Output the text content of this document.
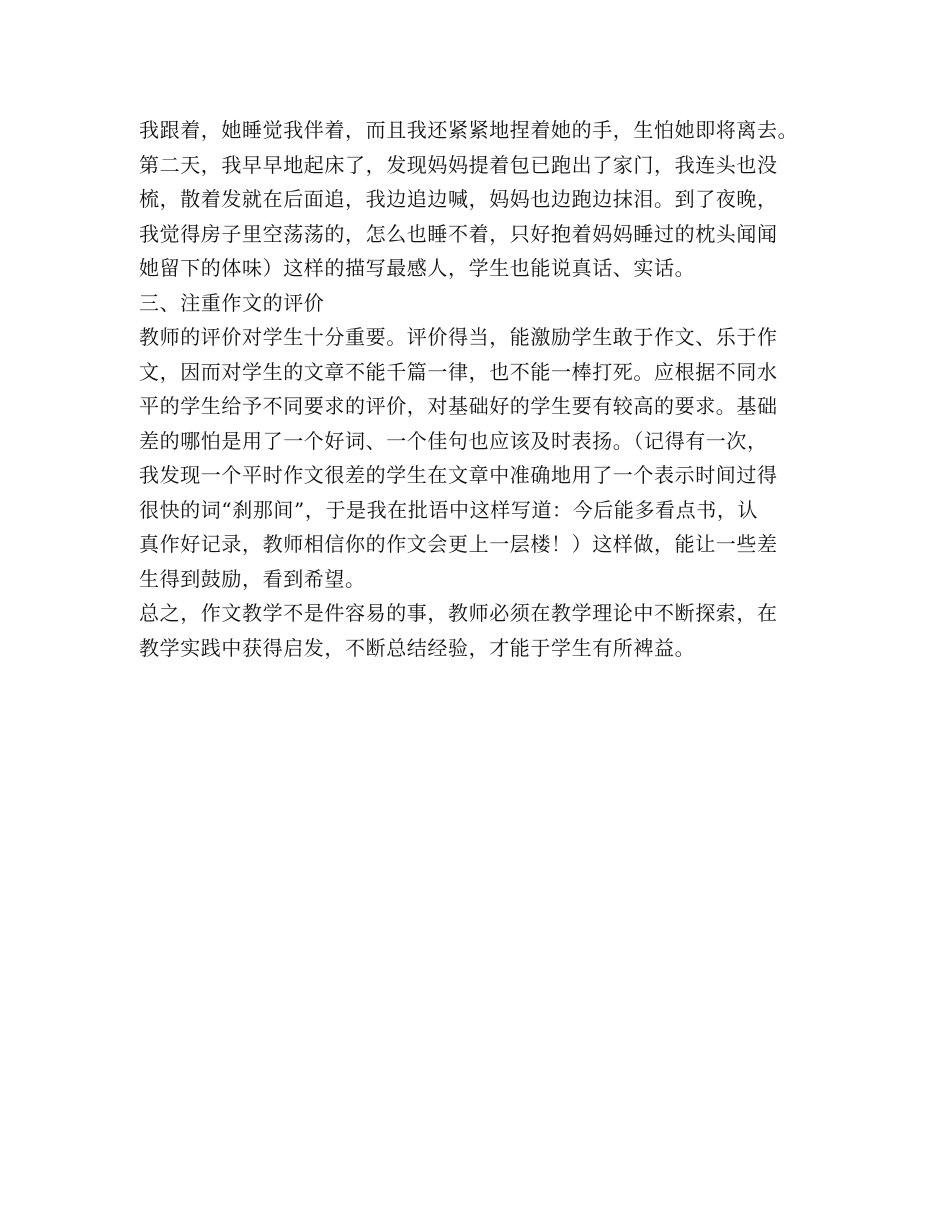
我跟着，她睡觉我伴着，而且我还紧紧地捏着她的手，生怕她即将离去。
第二天，我早早地起床了，发现妈妈提着包已跑出了家门，我连头也没
梳，散着发就在后面追，我边追边喊，妈妈也边跑边抹泪。到了夜晚，
我觉得房子里空荡荡的，怎么也睡不着，只好抱着妈妈睡过的枕头闻闻
她留下的体味）这样的描写最感人，学生也能说真话、实话。
三、注重作文的评价
教师的评价对学生十分重要。评价得当，能激励学生敢于作文、乐于作
文，因而对学生的文章不能千篇一律，也不能一棒打死。应根据不同水
平的学生给予不同要求的评价，对基础好的学生要有较高的要求。基础
差的哪怕是用了一个好词、一个佳句也应该及时表扬。（记得有一次，
我发现一个平时作文很差的学生在文章中准确地用了一个表示时间过得
很快的词“刹那间”，于是我在批语中这样写道：今后能多看点书，认
真作好记录，教师相信你的作文会更上一层楼！）这样做，能让一些差
生得到鼓励，看到希望。
总之，作文教学不是件容易的事，教师必须在教学理论中不断探索，在
教学实践中获得启发，不断总结经验，才能于学生有所裨益。
